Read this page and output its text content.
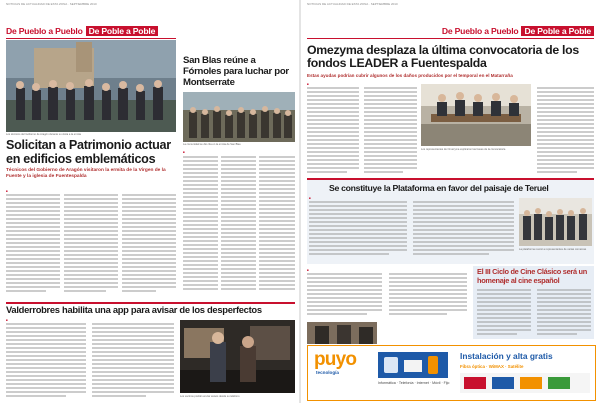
NOTICIAS DE ACTUALIDAD DE ESTA ZONA · SEPTIEMBRE 2010
De Pueblo a Pueblo De Poble a Poble
Los técnicos del Gobierno de Aragón durante su visita a la ermita
Solicitan a Patrimonio actuar en edificios emblemáticos
Técnicos del Gobierno de Aragón visitaron la ermita de la Virgen de la Fuente y la iglesia de Fuentespalda
■
San Blas reúne a Fórnoles para luchar por Montserrate
La comunidad se dio cita en la ermita de San Blas
■
Valderrobres habilita una app para avisar de los desperfectos
■
Los vecinos podrán enviar avisos desde su teléfono
NOTICIAS DE ACTUALIDAD DE ESTA ZONA · SEPTIEMBRE 2010
De Pueblo a Pueblo De Poble a Poble
Omezyma desplaza la última convocatoria de los fondos LEADER a Fuentespalda
Estas ayudas podrían cubrir algunos de los daños producidos por el temporal en el Matarraña
■
Los representantes de Omezyma explicaron las bases de la convocatoria
Se constituye la Plataforma en favor del paisaje de Teruel
■
La plataforma reunió a representantes de varias comarcas
■	El III Ciclo de Cine Clásico será un homenaje al cine español
puyo
tecnología
Informática · Telefonía · Internet · Móvil · Fijo
Instalación y alta gratis
Fibra óptica · WiMAX · Satélite
